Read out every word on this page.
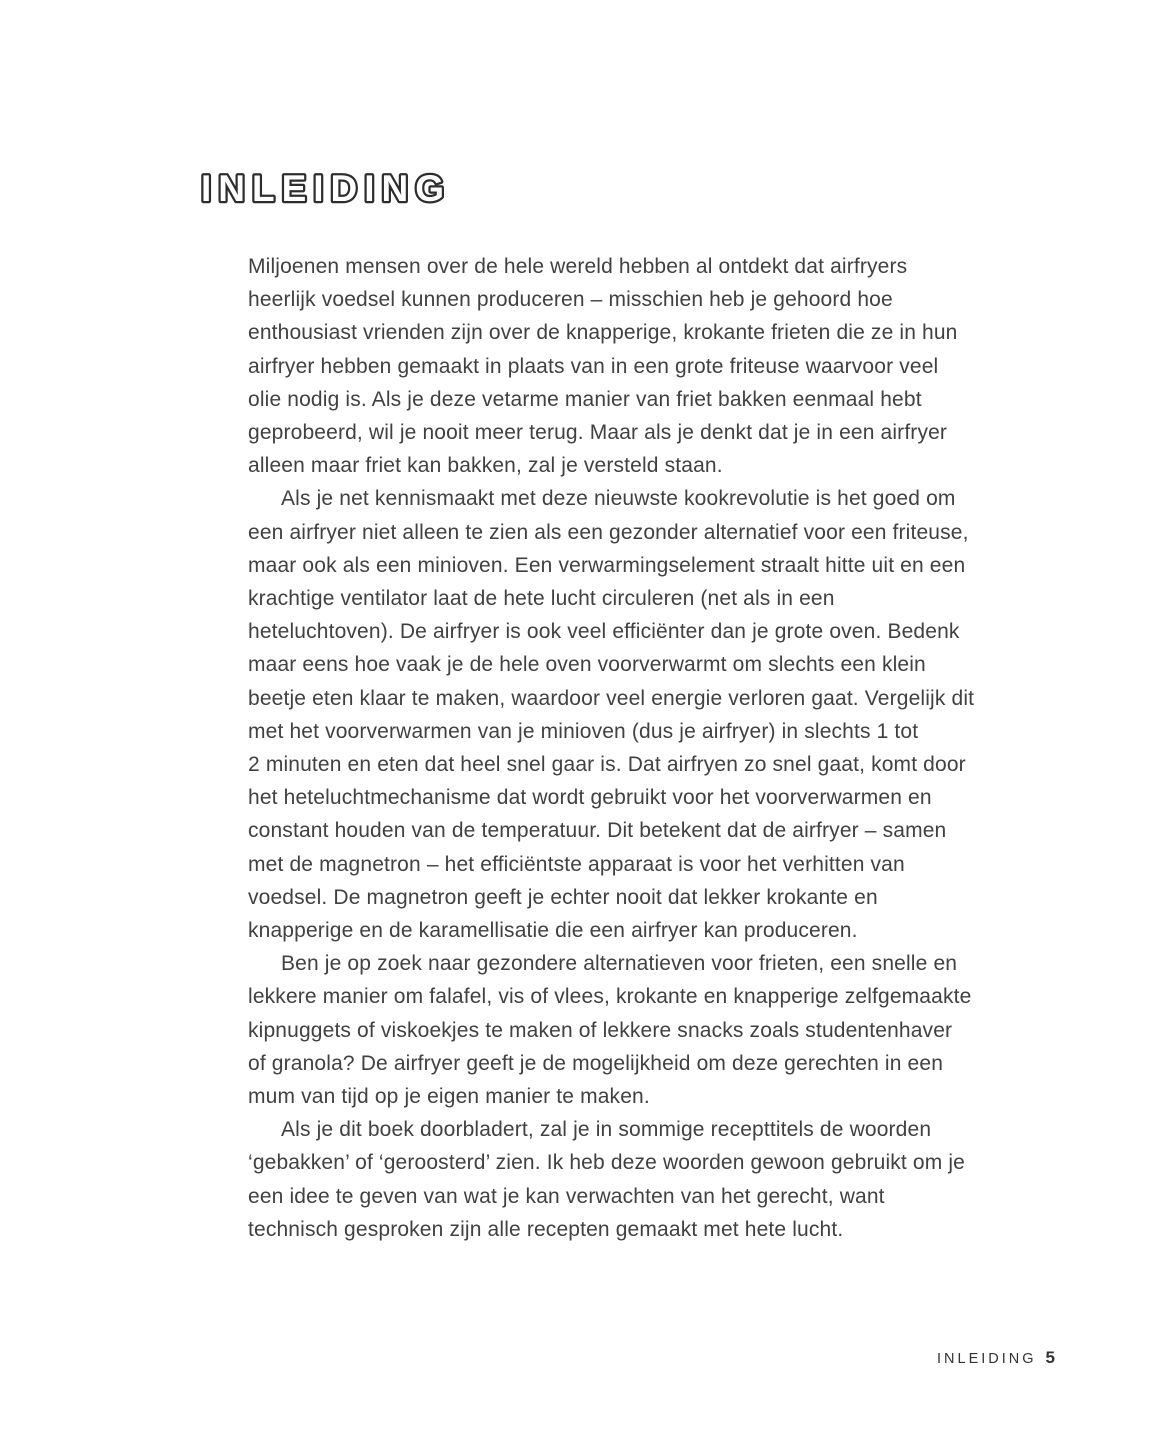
INLEIDING
Miljoenen mensen over de hele wereld hebben al ontdekt dat airfryers
heerlijk voedsel kunnen produceren – misschien heb je gehoord hoe
enthousiast vrienden zijn over de knapperige, krokante frieten die ze in hun
airfryer hebben gemaakt in plaats van in een grote friteuse waarvoor veel
olie nodig is. Als je deze vetarme manier van friet bakken eenmaal hebt
geprobeerd, wil je nooit meer terug. Maar als je denkt dat je in een airfryer
alleen maar friet kan bakken, zal je versteld staan.
Als je net kennismaakt met deze nieuwste kookrevolutie is het goed om
een airfryer niet alleen te zien als een gezonder alternatief voor een friteuse,
maar ook als een minioven. Een verwarmingselement straalt hitte uit en een
krachtige ventilator laat de hete lucht circuleren (net als in een
heteluchtoven). De airfryer is ook veel efficiënter dan je grote oven. Bedenk
maar eens hoe vaak je de hele oven voorverwarmt om slechts een klein
beetje eten klaar te maken, waardoor veel energie verloren gaat. Vergelijk dit
met het voorverwarmen van je minioven (dus je airfryer) in slechts 1 tot
2 minuten en eten dat heel snel gaar is. Dat airfryen zo snel gaat, komt door
het heteluchtmechanisme dat wordt gebruikt voor het voorverwarmen en
constant houden van de temperatuur. Dit betekent dat de airfryer – samen
met de magnetron – het efficiëntste apparaat is voor het verhitten van
voedsel. De magnetron geeft je echter nooit dat lekker krokante en
knapperige en de karamellisatie die een airfryer kan produceren.
Ben je op zoek naar gezondere alternatieven voor frieten, een snelle en
lekkere manier om falafel, vis of vlees, krokante en knapperige zelfgemaakte
kipnuggets of viskoekjes te maken of lekkere snacks zoals studentenhaver
of granola? De airfryer geeft je de mogelijkheid om deze gerechten in een
mum van tijd op je eigen manier te maken.
Als je dit boek doorbladert, zal je in sommige recepttitels de woorden
‘gebakken’ of ‘geroosterd’ zien. Ik heb deze woorden gewoon gebruikt om je
een idee te geven van wat je kan verwachten van het gerecht, want
technisch gesproken zijn alle recepten gemaakt met hete lucht.
INLEIDING 5
